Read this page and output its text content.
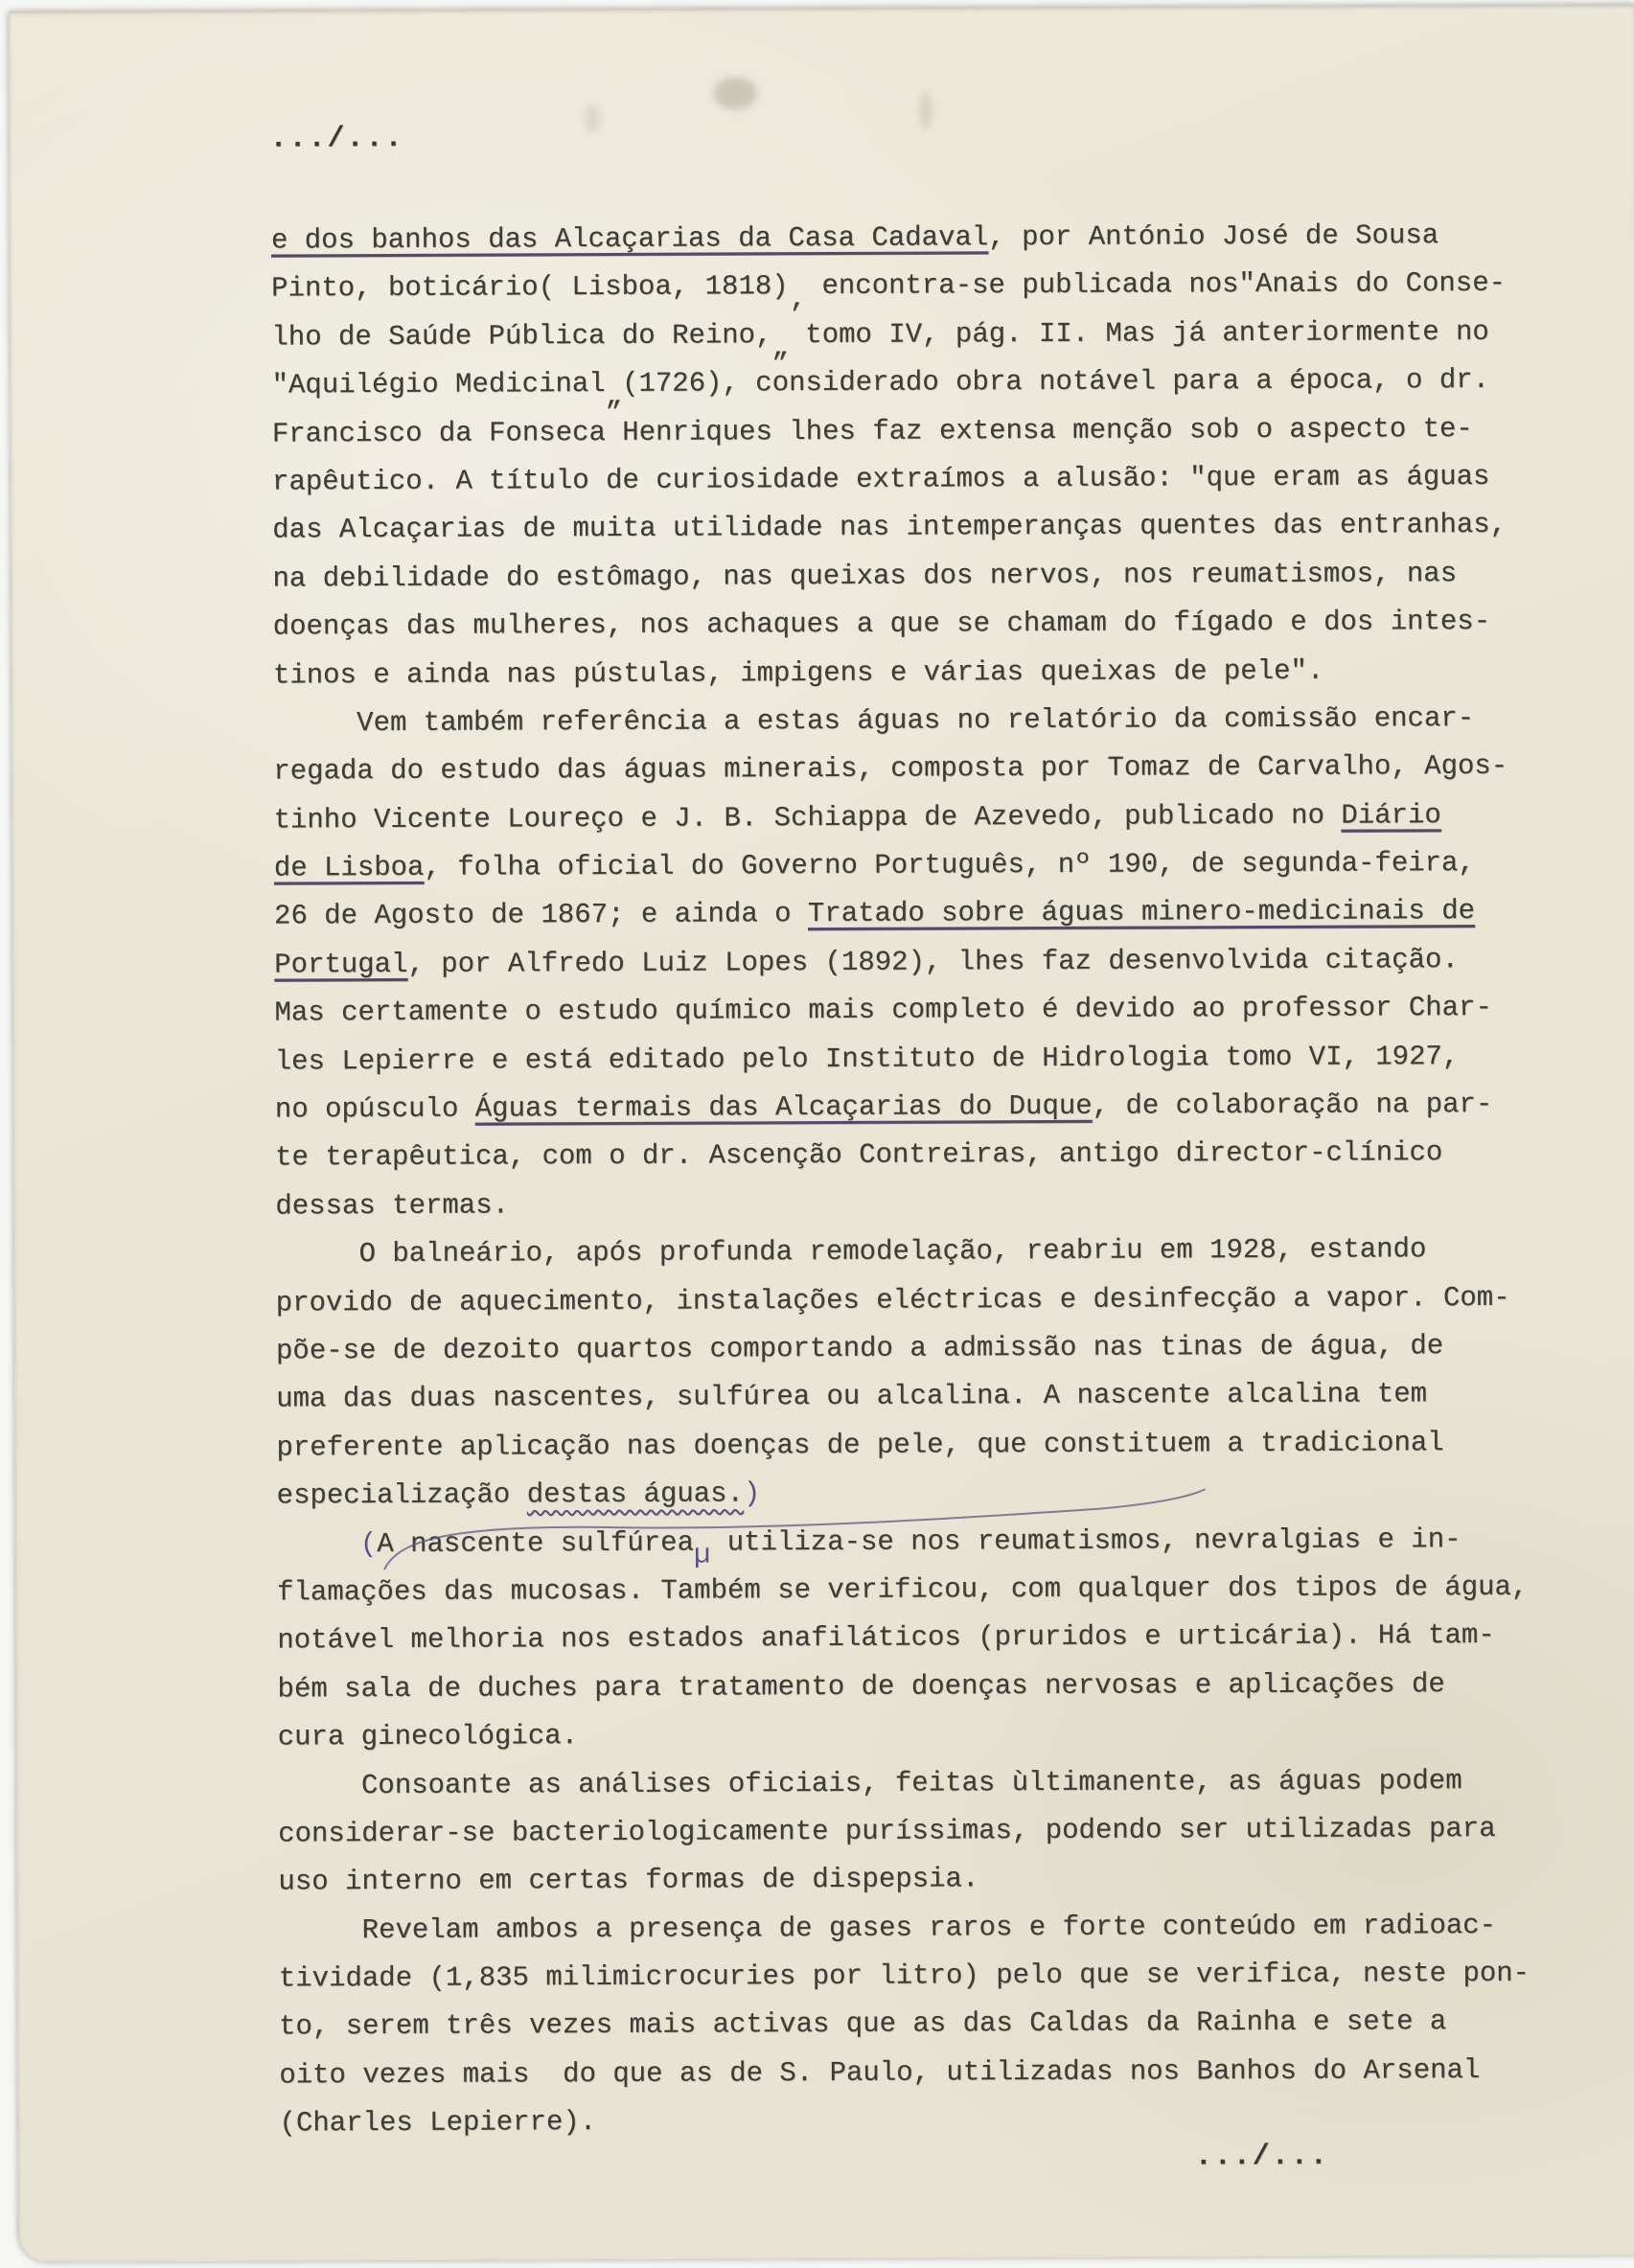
.../...
e dos banhos das Alcaçarias da Casa Cadaval, por António José de Sousa
Pinto, boticário( Lisboa, 1818)‚ encontra-se publicada nos″Anais do Conse-
lho de Saúde Pública do Reino,„ tomo IV, pág. II. Mas já anteriormente no
″Aquilégio Medicinal„(1726), considerado obra notável para a época, o dr.
Francisco da Fonseca Henriques lhes faz extensa menção sob o aspecto te-
rapêutico. A título de curiosidade extraímos a alusão: "que eram as águas
das Alcaçarias de muita utilidade nas intemperanças quentes das entranhas,
na debilidade do estômago, nas queixas dos nervos, nos reumatismos, nas
doenças das mulheres, nos achaques a que se chamam do fígado e dos intes-
tinos e ainda nas pústulas, impigens e várias queixas de pele".
Vem também referência a estas águas no relatório da comissão encar-
regada do estudo das águas minerais, composta por Tomaz de Carvalho, Agos-
tinho Vicente Loureço e J. B. Schiappa de Azevedo, publicado no Diário
de Lisboa, folha oficial do Governo Português, nº 190, de segunda-feira,
26 de Agosto de 1867; e ainda o Tratado sobre águas minero-medicinais de
Portugal, por Alfredo Luiz Lopes (1892), lhes faz desenvolvida citação.
Mas certamente o estudo químico mais completo é devido ao professor Char-
les Lepierre e está editado pelo Instituto de Hidrologia tomo VI, 1927,
no opúsculo Águas termais das Alcaçarias do Duque, de colaboração na par-
te terapêutica, com o dr. Ascenção Contreiras, antigo director-clínico
dessas termas.
O balneário, após profunda remodelação, reabriu em 1928, estando
provido de aquecimento, instalações eléctricas e desinfecção a vapor. Com-
põe-se de dezoito quartos comportando a admissão nas tinas de água, de
uma das duas nascentes, sulfúrea ou alcalina. A nascente alcalina tem
preferente aplicação nas doenças de pele, que constituem a tradicional
especialização destas águas.)
(A nascente sulfúreaµ utiliza-se nos reumatismos, nevralgias e in-
flamações das mucosas. Também se verificou, com qualquer dos tipos de água,
notável melhoria nos estados anafiláticos (pruridos e urticária). Há tam-
bém sala de duches para tratamento de doenças nervosas e aplicações de
cura ginecológica.
Consoante as análises oficiais, feitas ùltimanente, as águas podem
considerar-se bacteriologicamente puríssimas, podendo ser utilizadas para
uso interno em certas formas de dispepsia.
Revelam ambos a presença de gases raros e forte conteúdo em radioac-
tividade (1,835 milimicrocuries por litro) pelo que se verifica, neste pon-
to, serem três vezes mais activas que as das Caldas da Rainha e sete a
oito vezes mais  do que as de S. Paulo, utilizadas nos Banhos do Arsenal
(Charles Lepierre).
.../...
